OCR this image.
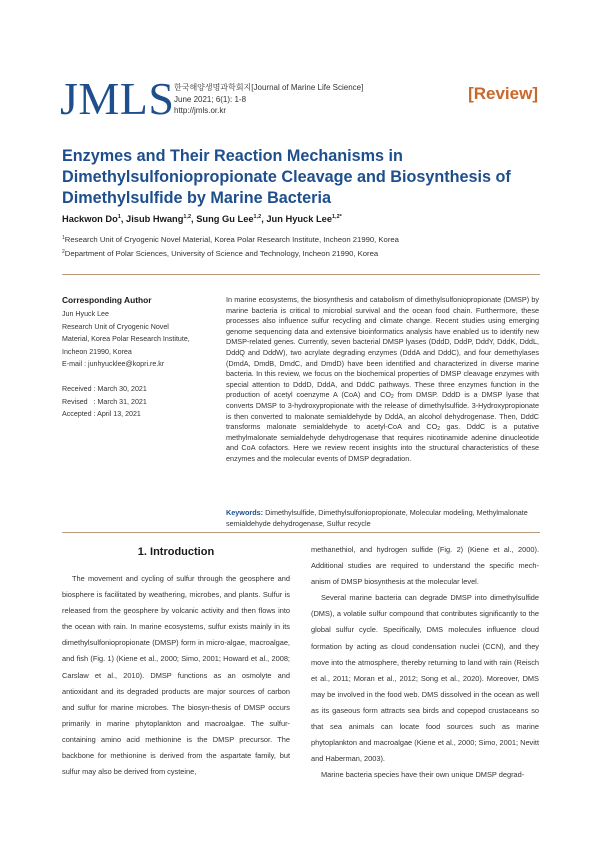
JMLS 한국해양생명과학회지[Journal of Marine Life Science]
June 2021; 6(1): 1-8
http://jmls.or.kr
[Review]
Enzymes and Their Reaction Mechanisms in Dimethylsulfoniopropionate Cleavage and Biosynthesis of Dimethylsulfide by Marine Bacteria
Hackwon Do$^1$, Jisub Hwang$^{1,2}$, Sung Gu Lee$^{1,2}$, Jun Hyuck Lee$^{1,2*}$
$^1$Research Unit of Cryogenic Novel Material, Korea Polar Research Institute, Incheon 21990, Korea
$^2$Department of Polar Sciences, University of Science and Technology, Incheon 21990, Korea
Corresponding Author
Jun Hyuck Lee
Research Unit of Cryogenic Novel
Material, Korea Polar Research Institute,
Incheon 21990, Korea
E-mail : junhyucklee@kopri.re.kr
Received : March 30, 2021
Revised   : March 31, 2021
Accepted : April 13, 2021
In marine ecosystems, the biosynthesis and catabolism of dimethylsulfoniopropionate (DMSP) by marine bacteria is critical to microbial survival and the ocean food chain. Furthermore, these processes also influence sulfur recycling and climate change. Recent studies using emerging genome sequencing data and extensive bioinformatics analysis have enabled us to identify new DMSP-related genes. Currently, seven bacterial DMSP lyases (DddD, DddP, DddY, DddK, DddL, DddQ and DddW), two acrylate degrading enzymes (DddA and DddC), and four demethylases (DmdA, DmdB, DmdC, and DmdD) have been identified and characterized in diverse marine bacteria. In this review, we focus on the biochemical properties of DMSP cleavage enzymes with special attention to DddD, DddA, and DddC pathways. These three enzymes function in the production of acetyl coenzyme A (CoA) and $CO_2$ from DMSP. DddD is a DMSP lyase that converts DMSP to 3-hydroxypropionate with the release of dimethylsulfide. 3-Hydroxypropionate is then converted to malonate semialdehyde by DddA, an alcohol dehydrogenase. Then, DddC transforms malonate semialdehyde to acetyl-CoA and $CO_2$ gas. DddC is a putative methylmalonate semialdehyde dehydrogenase that requires nicotinamide adenine dinucleotide and CoA cofactors. Here we review recent insights into the structural characteristics of these enzymes and the molecular events of DMSP degradation.
Keywords: Dimethylsulfide, Dimethylsulfoniopropionate, Molecular modeling, Methylmalonate semialdehyde dehydrogenase, Sulfur recycle
1. Introduction

The movement and cycling of sulfur through the geosphere and biosphere is facilitated by weathering, microbes, and plants. Sulfur is released from the geosphere by volcanic activity and then flows into the ocean with rain. In marine ecosystems, sulfur exists mainly in its dimethylsulfoniopropionate (DMSP) form in micro-algae, macroalgae, and fish (Fig. 1) (Kiene et al., 2000; Simo, 2001; Howard et al., 2008; Carslaw et al., 2010). DMSP functions as an osmolyte and antioxidant and its degraded products are major sources of carbon and sulfur for marine microbes. The biosyn-thesis of DMSP occurs primarily in marine phytoplankton and macroalgae. The sulfur-containing amino acid methionine is the DMSP precursor. The backbone for methionine is derived from the aspartate family, but sulfur may also be derived from cysteine,

methanethiol, and hydrogen sulfide (Fig. 2) (Kiene et al., 2000). Additional studies are required to understand the specific mech-anism of DMSP biosynthesis at the molecular level.

Several marine bacteria can degrade DMSP into dimethylsulfide (DMS), a volatile sulfur compound that contributes significantly to the global sulfur cycle. Specifically, DMS molecules influence cloud formation by acting as cloud condensation nuclei (CCN), and they move into the atmosphere, thereby returning to land with rain (Reisch et al., 2011; Moran et al., 2012; Song et al., 2020). Moreover, DMS may be involved in the food web. DMS dissolved in the ocean as well as its gaseous form attracts sea birds and copepod crustaceans so that sea animals can locate food sources such as marine phytoplankton and macroalgae (Kiene et al., 2000; Simo, 2001; Nevitt and Haberman, 2003).

Marine bacteria species have their own unique DMSP degrad-
